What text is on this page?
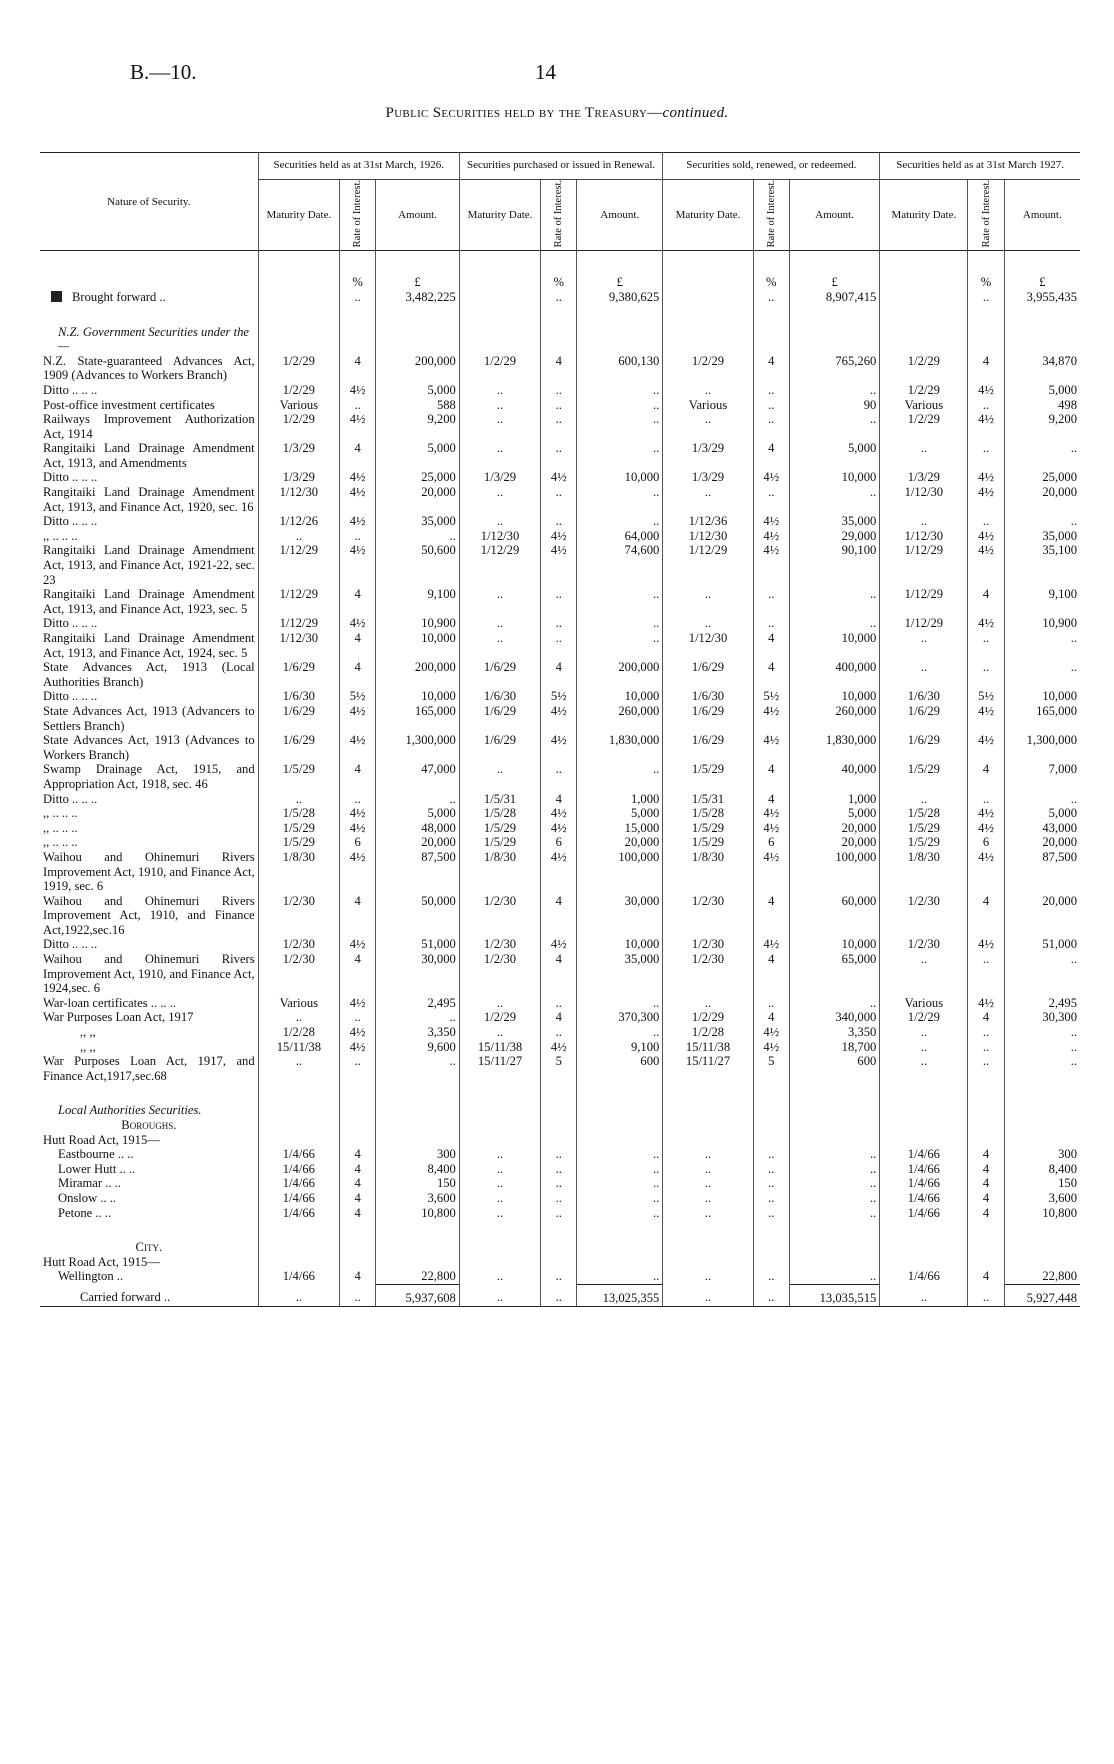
B.—10.	14
Public Securities held by the Treasury—continued.
Nature of Security.	Securities held as at 31st March, 1926.			Securities purchased or issued in Renewal.			Securities sold, renewed, or redeemed.			Securities held as at 31st March 1927.		
	Maturity Date.	Rate of Interest.	Amount.	Maturity Date.	Rate of Interest.	Amount.	Maturity Date.	Rate of Interest.	Amount.	Maturity Date.	Rate of Interest.	Amount.
		%	£		%	£		%	£		%	£
Brought forward ..		..	3,482,225		..	9,380,625		..	8,907,415		..	3,955,435

N.Z. Government Securities under the—												
N.Z. State-guaranteed Advances Act, 1909 (Advances to Workers Branch)	1/2/29	4	200,000	1/2/29	4	600,130	1/2/29	4	765,260	1/2/29	4	34,870
Ditto .. .. ..	1/2/29	4½	5,000	..	..	..	..	..	..	1/2/29	4½	5,000
Post-office investment certificates	Various	..	588	..	..	..	Various	..	90	Various	..	498
Railways Improvement Authorization Act, 1914	1/2/29	4½	9,200	..	..	..	..	..	..	1/2/29	4½	9,200
Rangitaiki Land Drainage Amendment Act, 1913, and Amendments	1/3/29	4	5,000	..	..	..	1/3/29	4	5,000	..	..	..
Ditto .. .. ..	1/3/29	4½	25,000	1/3/29	4½	10,000	1/3/29	4½	10,000	1/3/29	4½	25,000
Rangitaiki Land Drainage Amendment Act, 1913, and Finance Act, 1920, sec. 16	1/12/30	4½	20,000	..	..	..	..	..	..	1/12/30	4½	20,000
Ditto .. .. ..	1/12/26	4½	35,000	..	..	..	1/12/36	4½	35,000	..	..	..
,, .. .. ..	..	..	..	1/12/30	4½	64,000	1/12/30	4½	29,000	1/12/30	4½	35,000
Rangitaiki Land Drainage Amendment Act, 1913, and Finance Act, 1921-22, sec. 23	1/12/29	4½	50,600	1/12/29	4½	74,600	1/12/29	4½	90,100	1/12/29	4½	35,100
Rangitaiki Land Drainage Amendment Act, 1913, and Finance Act, 1923, sec. 5	1/12/29	4	9,100	..	..	..	..	..	..	1/12/29	4	9,100
Ditto .. .. ..	1/12/29	4½	10,900	..	..	..	..	..	..	1/12/29	4½	10,900
Rangitaiki Land Drainage Amendment Act, 1913, and Finance Act, 1924, sec. 5	1/12/30	4	10,000	..	..	..	1/12/30	4	10,000	..	..	..
State Advances Act, 1913 (Local Authorities Branch)	1/6/29	4	200,000	1/6/29	4	200,000	1/6/29	4	400,000	..	..	..
Ditto .. .. ..	1/6/30	5½	10,000	1/6/30	5½	10,000	1/6/30	5½	10,000	1/6/30	5½	10,000
State Advances Act, 1913 (Advancers to Settlers Branch)	1/6/29	4½	165,000	1/6/29	4½	260,000	1/6/29	4½	260,000	1/6/29	4½	165,000
State Advances Act, 1913 (Advances to Workers Branch)	1/6/29	4½	1,300,000	1/6/29	4½	1,830,000	1/6/29	4½	1,830,000	1/6/29	4½	1,300,000
Swamp Drainage Act, 1915, and Appropriation Act, 1918, sec. 46	1/5/29	4	47,000	..	..	..	1/5/29	4	40,000	1/5/29	4	7,000
Ditto .. .. ..	..	..	..	1/5/31	4	1,000	1/5/31	4	1,000	..	..	..
,, .. .. ..	1/5/28	4½	5,000	1/5/28	4½	5,000	1/5/28	4½	5,000	1/5/28	4½	5,000
,, .. .. ..	1/5/29	4½	48,000	1/5/29	4½	15,000	1/5/29	4½	20,000	1/5/29	4½	43,000
,, .. .. ..	1/5/29	6	20,000	1/5/29	6	20,000	1/5/29	6	20,000	1/5/29	6	20,000
Waihou and Ohinemuri Rivers Improvement Act, 1910, and Finance Act, 1919, sec. 6	1/8/30	4½	87,500	1/8/30	4½	100,000	1/8/30	4½	100,000	1/8/30	4½	87,500
Waihou and Ohinemuri Rivers Improvement Act, 1910, and Finance Act,1922,sec.16	1/2/30	4	50,000	1/2/30	4	30,000	1/2/30	4	60,000	1/2/30	4	20,000
Ditto .. .. ..	1/2/30	4½	51,000	1/2/30	4½	10,000	1/2/30	4½	10,000	1/2/30	4½	51,000
Waihou and Ohinemuri Rivers Improvement Act, 1910, and Finance Act, 1924,sec. 6	1/2/30	4	30,000	1/2/30	4	35,000	1/2/30	4	65,000	..	..	..
War-loan certificates .. .. ..	Various	4½	2,495	..	..	..	..	..	..	Various	4½	2,495
War Purposes Loan Act, 1917	..	..	..	1/2/29	4	370,300	1/2/29	4	340,000	1/2/29	4	30,300
,, ,,	1/2/28	4½	3,350	..	..	..	1/2/28	4½	3,350	..	..	..
,, ,,	15/11/38	4½	9,600	15/11/38	4½	9,100	15/11/38	4½	18,700	..	..	..
War Purposes Loan Act, 1917, and Finance Act,1917,sec.68	..	..	..	15/11/27	5	600	15/11/27	5	600	..	..	..

Local Authorities Securities.												
Boroughs.												
Hutt Road Act, 1915—												
Eastbourne .. ..	1/4/66	4	300	..	..	..	..	..	..	1/4/66	4	300
Lower Hutt .. ..	1/4/66	4	8,400	..	..	..	..	..	..	1/4/66	4	8,400
Miramar .. ..	1/4/66	4	150	..	..	..	..	..	..	1/4/66	4	150
Onslow .. ..	1/4/66	4	3,600	..	..	..	..	..	..	1/4/66	4	3,600
Petone .. ..	1/4/66	4	10,800	..	..	..	..	..	..	1/4/66	4	10,800

City.												
Hutt Road Act, 1915—												
Wellington ..	1/4/66	4	22,800	..	..	..	..	..	..	1/4/66	4	22,800
Carried forward ..	..	..	5,937,608	..	..	13,025,355	..	..	13,035,515	..	..	5,927,448
